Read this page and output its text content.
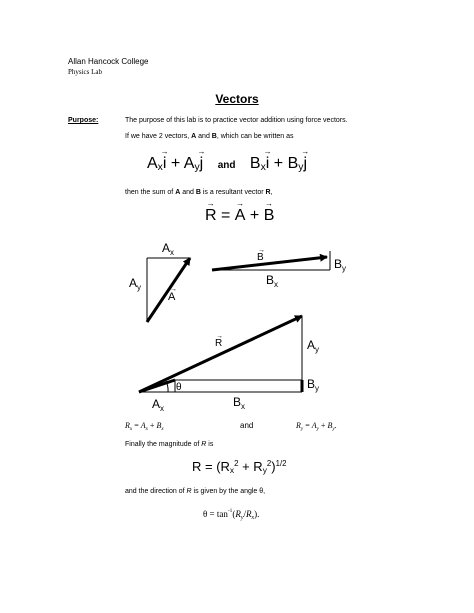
Allan Hancock College
Physics Lab
Vectors
Purpose:	The purpose of this lab is to practice vector addition using force vectors.
If we have 2 vectors, A and B, which can be written as
$A_x\to i + A_y\to j$ and $B_x\to i + B_y\to j$
then the sum of A and B is a resultant vector R,
→ R = → A + → B
$A_x$
$A_y$
A
→
B
→
$B_y$
$B_x$
θ
R
→
$A_y$
$B_y$
$A_x$	$B_x$
$R_x = A_x + B_x$	and	$R_y = A_y + B_y$.
Finally the magnitude of R is
$R = (R_x^2 + R_y^2)^{1/2}$
and the direction of R is given by the angle θ,
$\theta = \tan^{-1}(R_y/R_x)$.
